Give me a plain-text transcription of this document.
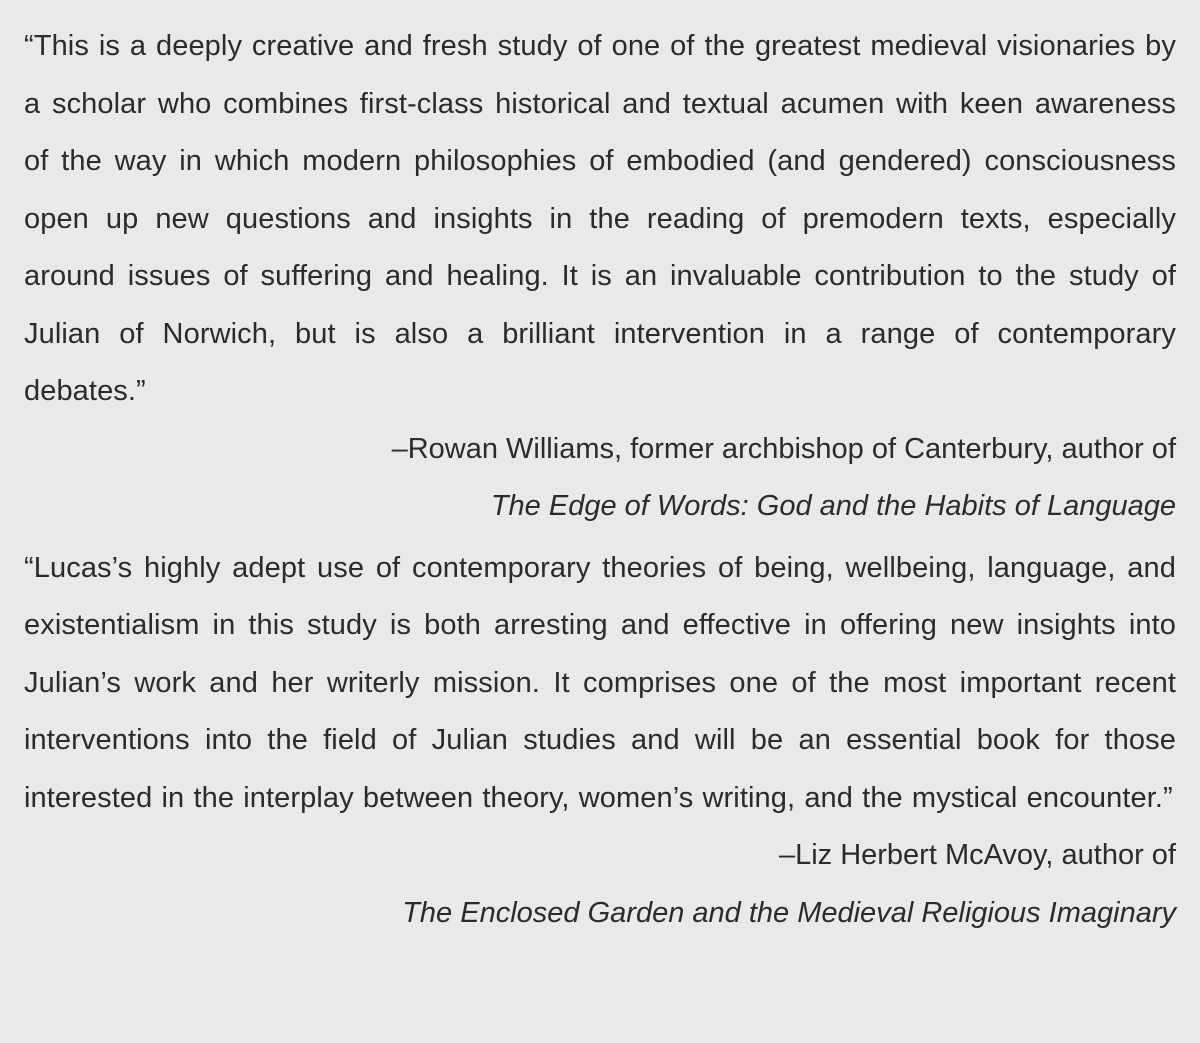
“This is a deeply creative and fresh study of one of the greatest medieval visionaries by a scholar who combines first-class historical and textual acumen with keen awareness of the way in which modern philosophies of embodied (and gendered) consciousness open up new questions and insights in the reading of premodern texts, especially around issues of suffering and healing. It is an invaluable contribution to the study of Julian of Norwich, but is also a brilliant intervention in a range of contemporary debates.”

–Rowan Williams, former archbishop of Canterbury, author of
The Edge of Words: God and the Habits of Language

“Lucas’s highly adept use of contemporary theories of being, wellbeing, language, and existentialism in this study is both arresting and effective in offering new insights into Julian’s work and her writerly mission. It comprises one of the most important recent interventions into the field of Julian studies and will be an essential book for those interested in the interplay between theory, women’s writing, and the mystical encounter.”

–Liz Herbert McAvoy, author of
The Enclosed Garden and the Medieval Religious Imaginary
